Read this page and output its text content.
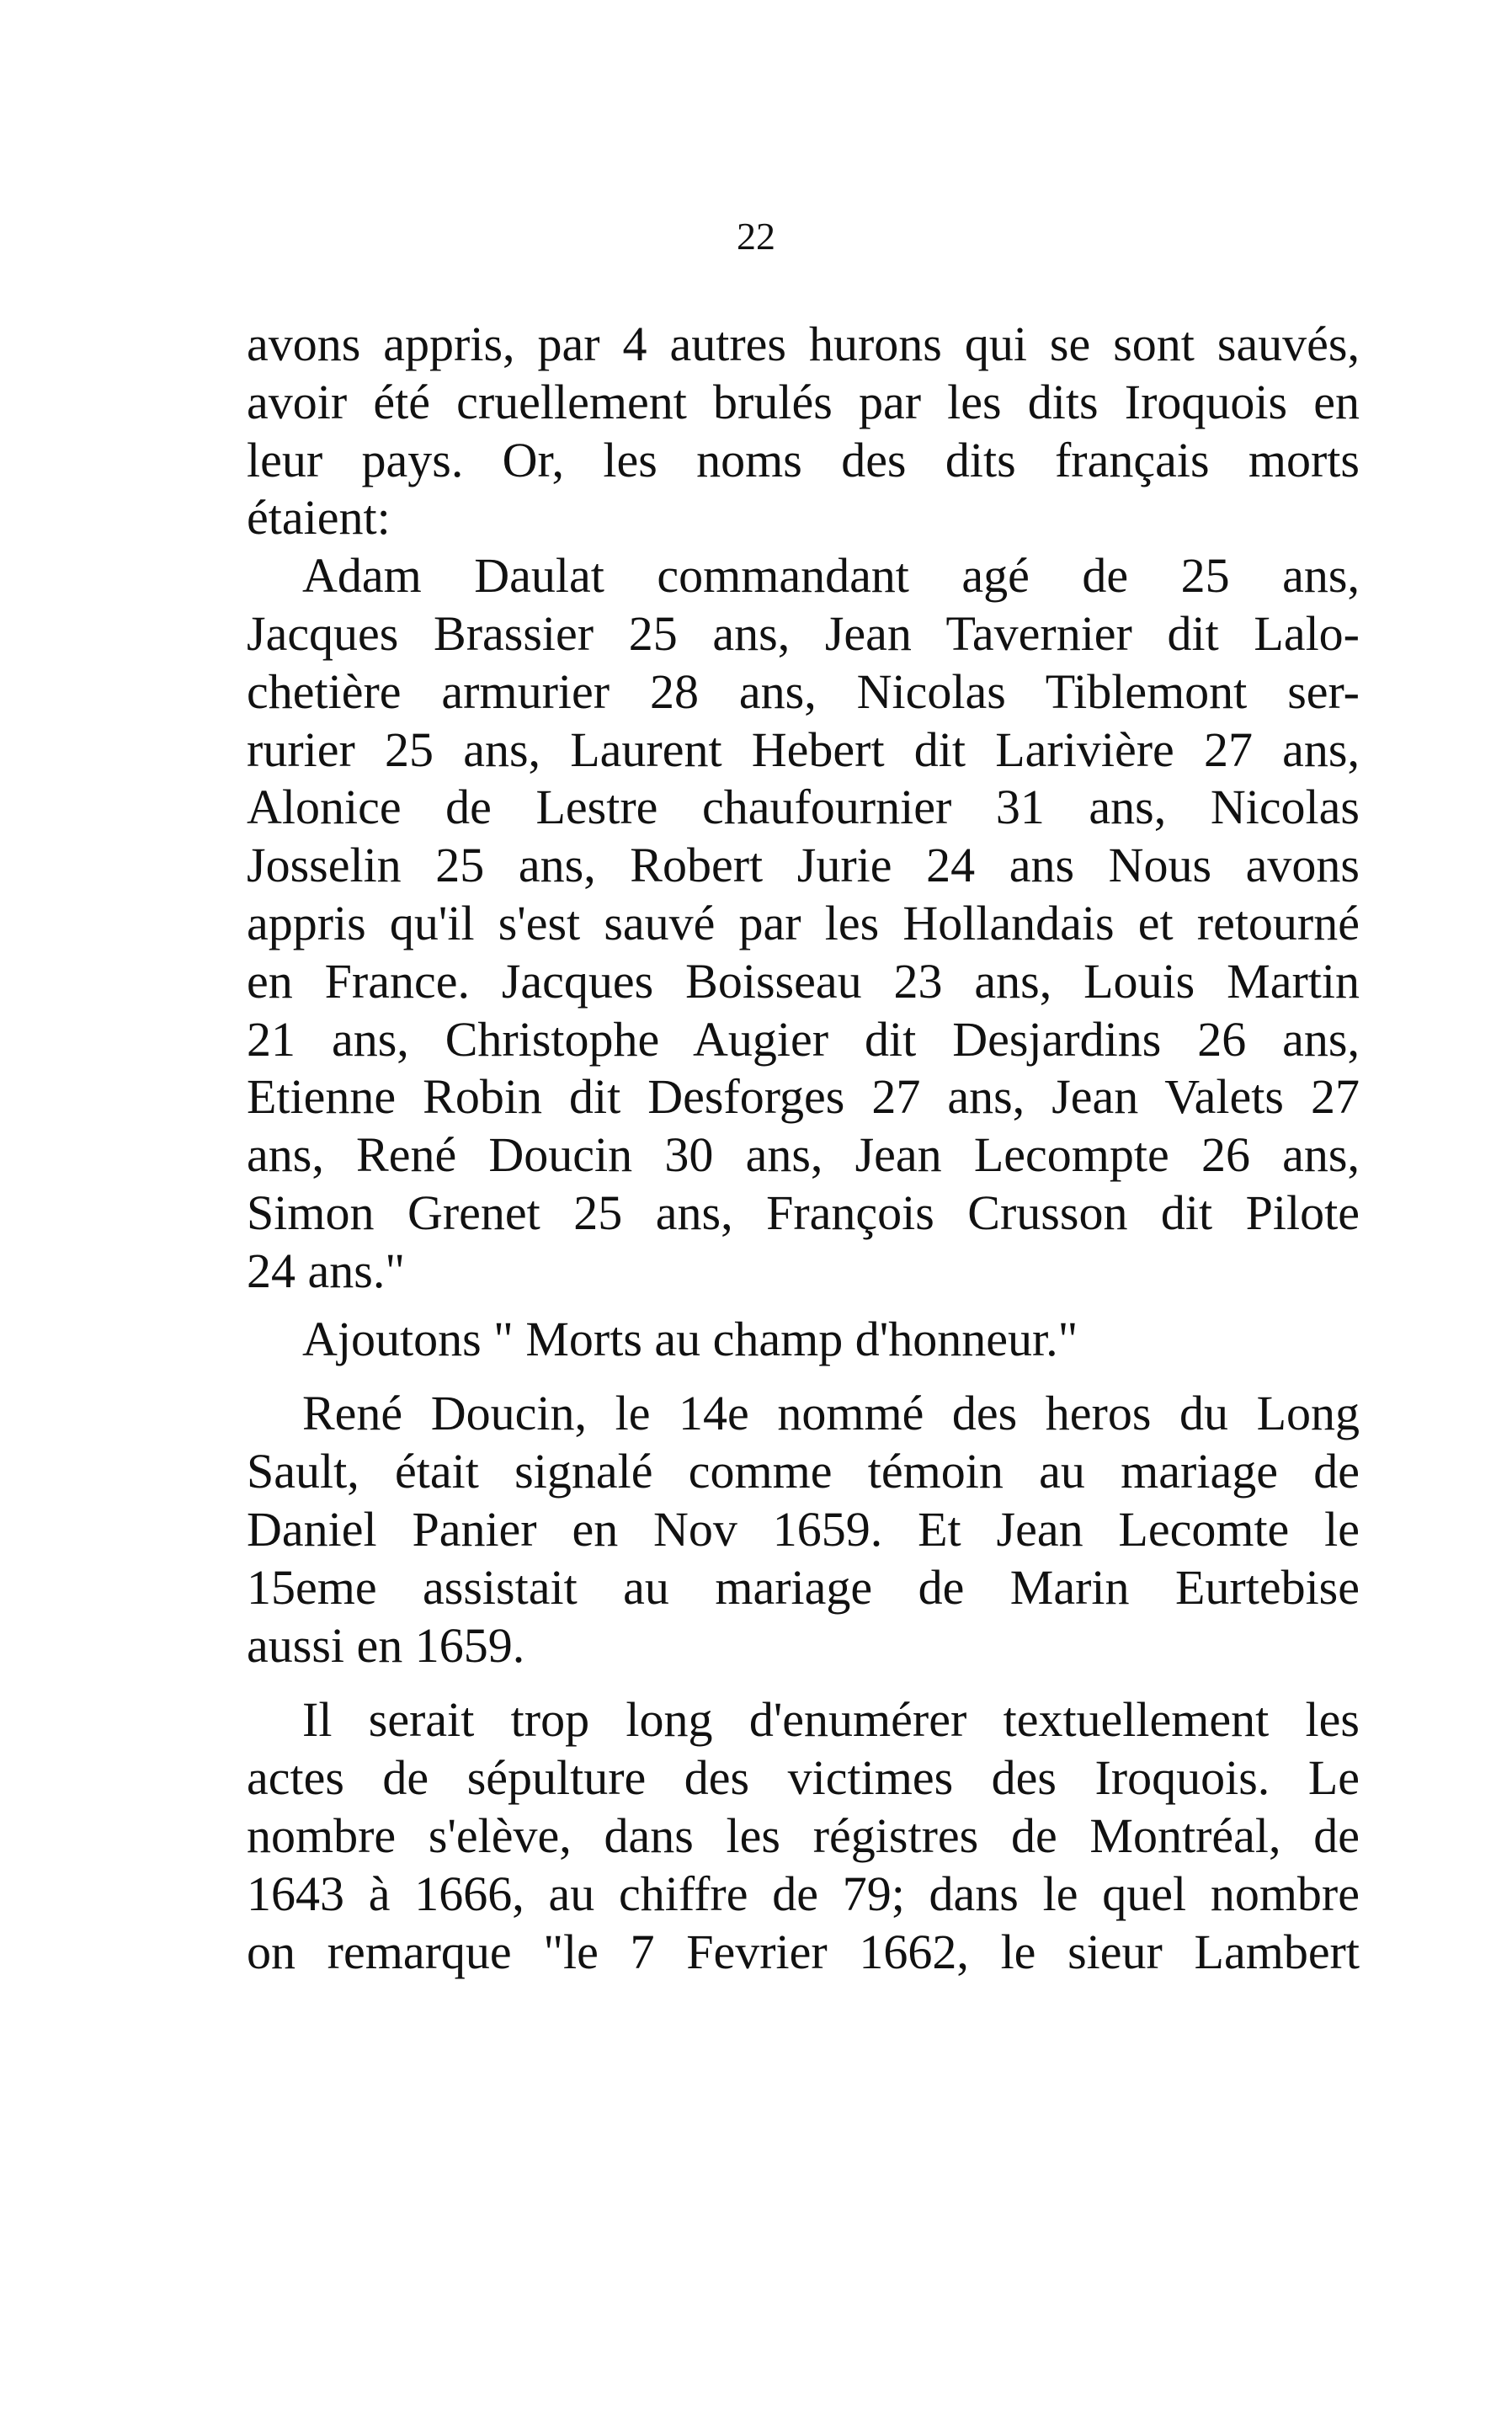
22
avons appris, par 4 autres hurons qui se sont sauvés,
avoir été cruellement brulés par les dits Iroquois en
leur pays. Or, les noms des dits français morts
étaient:
Adam Daulat commandant agé de 25 ans,
Jacques Brassier 25 ans, Jean Tavernier dit Lalo-
chetière armurier 28 ans, Nicolas Tiblemont ser-
rurier 25 ans, Laurent Hebert dit Larivière 27 ans,
Alonice de Lestre chaufournier 31 ans, Nicolas
Josselin 25 ans, Robert Jurie 24 ans Nous avons
appris qu'il s'est sauvé par les Hollandais et retourné
en France. Jacques Boisseau 23 ans, Louis Martin
21 ans, Christophe Augier dit Desjardins 26 ans,
Etienne Robin dit Desforges 27 ans, Jean Valets 27
ans, René Doucin 30 ans, Jean Lecompte 26 ans,
Simon Grenet 25 ans, François Crusson dit Pilote
24 ans."
Ajoutons " Morts au champ d'honneur."
René Doucin, le 14e nommé des heros du Long
Sault, était signalé comme témoin au mariage de
Daniel Panier en Nov 1659. Et Jean Lecomte le
15eme assistait au mariage de Marin Eurtebise
aussi en 1659.
Il serait trop long d'enumérer textuellement les
actes de sépulture des victimes des Iroquois. Le
nombre s'elève, dans les régistres de Montréal, de
1643 à 1666, au chiffre de 79; dans le quel nombre
on remarque "le 7 Fevrier 1662, le sieur Lambert
